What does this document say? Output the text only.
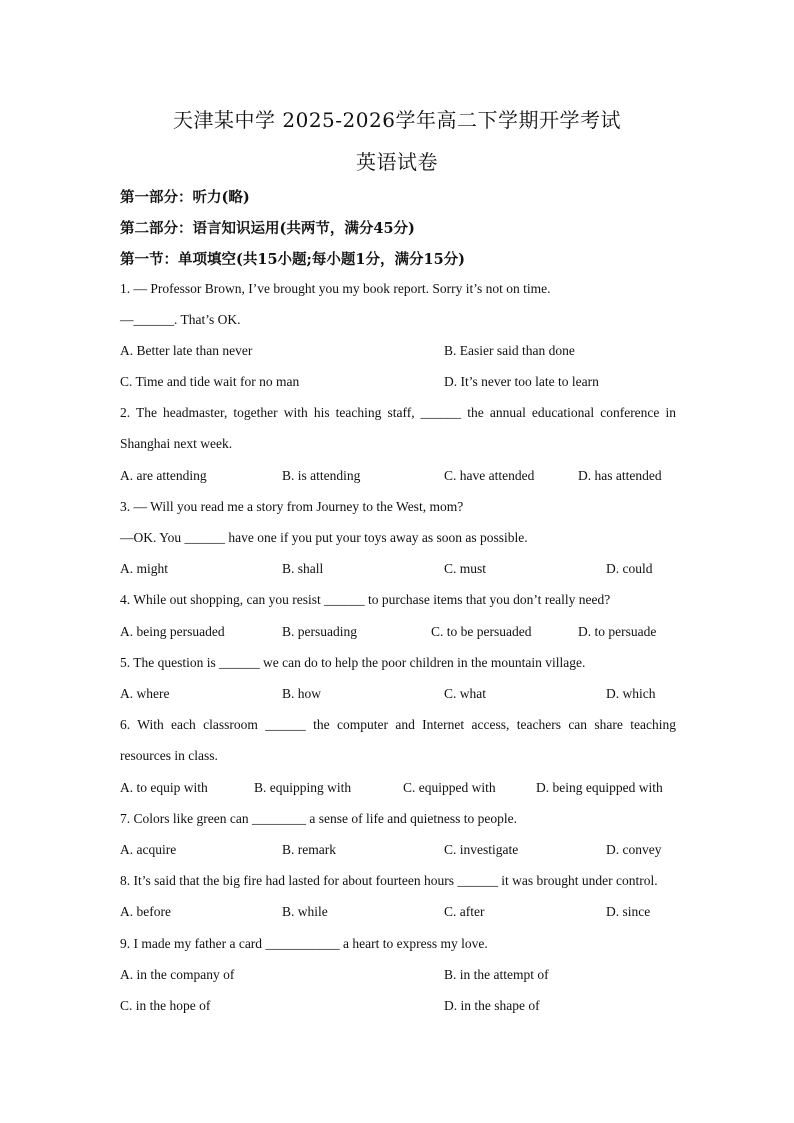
天津某中学 2025-2026学年高二下学期开学考试
英语试卷
第一部分：听力(略)
第二部分：语言知识运用(共两节，满分45分)
第一节：单项填空(共15小题;每小题1分，满分15分)
1. — Professor Brown, I’ve brought you my book report. Sorry it’s not on time.
—______. That’s OK.
A. Better late than never	B. Easier said than done
C. Time and tide wait for no man	D. It’s never too late to learn
2. The headmaster, together with his teaching staff, ______ the annual educational conference in
Shanghai next week.
A. are attending	B. is attending	C. have attended	D. has attended
3. — Will you read me a story from Journey to the West, mom?
—OK. You ______ have one if you put your toys away as soon as possible.
A. might	B. shall	C. must	D. could
4. While out shopping, can you resist ______ to purchase items that you don’t really need?
A. being persuaded	B. persuading	C. to be persuaded	D. to persuade
5. The question is ______ we can do to help the poor children in the mountain village.
A. where	B. how	C. what	D. which
6. With each classroom ______ the computer and Internet access, teachers can share teaching
resources in class.
A. to equip with	B. equipping with	C. equipped with	D. being equipped with
7. Colors like green can ________ a sense of life and quietness to people.
A. acquire	B. remark	C. investigate	D. convey
8. It’s said that the big fire had lasted for about fourteen hours ______ it was brought under control.
A. before	B. while	C. after	D. since
9. I made my father a card ___________ a heart to express my love.
A. in the company of	B. in the attempt of
C. in the hope of	D. in the shape of
